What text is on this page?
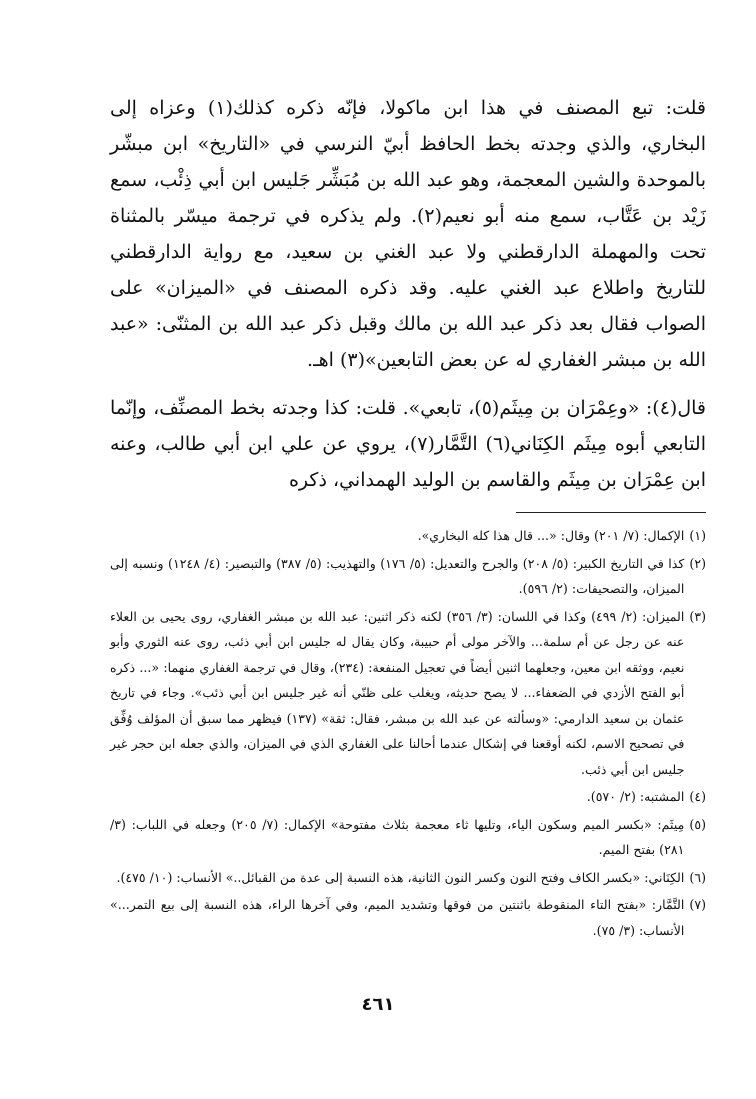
قلت: تبع المصنف في هذا ابن ماكولا، فإنّه ذكره كذلك(١) وعزاه إلى البخاري، والذي وجدته بخط الحافظ أبيّ النرسي في «التاريخ» ابن مبشّر بالموحدة والشين المعجمة، وهو عبد الله بن مُبَشِّر جَليس ابن أبي ذِئْب، سمع زَيْد بن عَتَّاب، سمع منه أبو نعيم(٢). ولم يذكره في ترجمة ميسّر بالمثناة تحت والمهملة الدارقطني ولا عبد الغني بن سعيد، مع رواية الدارقطني للتاريخ واطلاع عبد الغني عليه. وقد ذكره المصنف في «الميزان» على الصواب فقال بعد ذكر عبد الله بن مالك وقبل ذكر عبد الله بن المثنّى: «عبد الله بن مبشر الغفاري له عن بعض التابعين»(٣) اهـ.

قال(٤): «وعِمْرَان بن مِيثَم(٥)، تابعي». قلت: كذا وجدته بخط المصنِّف، وإنّما التابعي أبوه مِيثَم الكِنَاني(٦) التَّمَّار(٧)، يروي عن علي ابن أبي طالب، وعنه ابن عِمْرَان بن مِيثَم والقاسم بن الوليد الهمداني، ذكره

(١)
الإكمال: (٧/ ٢٠١) وقال: «... قال هذا كله البخاري».
(٢)
كذا في التاريخ الكبير: (٥/ ٢٠٨) والجرح والتعديل: (٥/ ١٧٦) والتهذيب: (٥/ ٣٨٧) والتبصير: (٤/ ١٢٤٨) ونسبه إلى الميزان، والتصحيفات: (٢/ ٥٩٦).
(٣)
الميزان: (٢/ ٤٩٩) وكذا في اللسان: (٣/ ٣٥٦) لكنه ذكر اثنين: عبد الله بن مبشر الغفاري، روى يحيى بن العلاء عنه عن رجل عن أم سلمة... والآخر مولى أم حبيبة، وكان يقال له جليس ابن أبي ذئب، روى عنه الثوري وأبو نعيم، ووثقه ابن معين، وجعلهما اثنين أيضاً في تعجيل المنفعة: (٢٣٤)، وقال في ترجمة الغفاري منهما: «... ذكره أبو الفتح الأزدي في الضعفاء... لا يصح حديثه، ويغلب على ظنّي أنه غير جليس ابن أبي ذئب». وجاء في تاريخ عثمان بن سعيد الدارمي: «وسألته عن عبد الله بن مبشر، فقال: ثقة» (١٣٧) فيظهر مما سبق أن المؤلف وُفِّق في تصحيح الاسم، لكنه أوقعنا في إشكال عندما أحالنا على الغفاري الذي في الميزان، والذي جعله ابن حجر غير جليس ابن أبي ذئب.
(٤)
المشتبه: (٢/ ٥٧٠).
(٥)
مِيثَم: «بكسر الميم وسكون الياء، وتليها ثاء معجمة بثلاث مفتوحة» الإكمال: (٧/ ٢٠٥) وجعله في اللباب: (٣/ ٢٨١) بفتح الميم.
(٦)
الكِنَاني: «بكسر الكاف وفتح النون وكسر النون الثانية، هذه النسبة إلى عدة من القبائل..» الأنساب: (١٠/ ٤٧٥).
(٧)
التَّمَّار: «بفتح التاء المنقوطة باثنتين من فوقها وتشديد الميم، وفي آخرها الراء، هذه النسبة إلى بيع التمر...» الأنساب: (٣/ ٧٥).
٤٦١
